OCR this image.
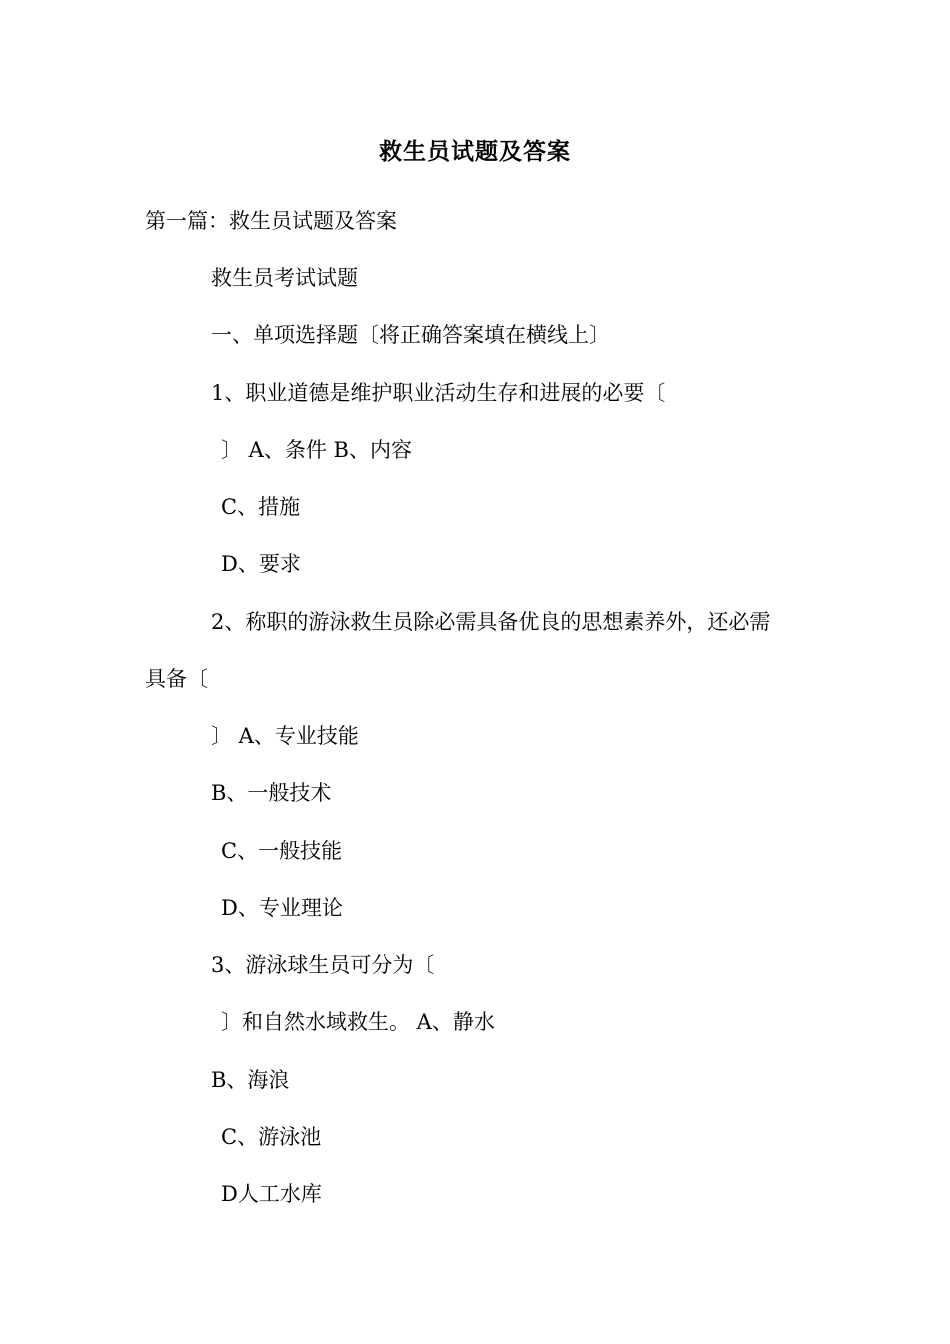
救生员试题及答案
第一篇：救生员试题及答案
救生员考试试题
一、单项选择题〔将正确答案填在横线上〕
1、职业道德是维护职业活动生存和进展的必要〔
〕 A、条件 B、内容
C、措施
D、要求
2、称职的游泳救生员除必需具备优良的思想素养外，还必需
具备〔
〕 A、专业技能
B、一般技术
C、一般技能
D、专业理论
3、游泳球生员可分为〔
〕和自然水域救生。 A、静水
B、海浪
C、游泳池
D人工水库
